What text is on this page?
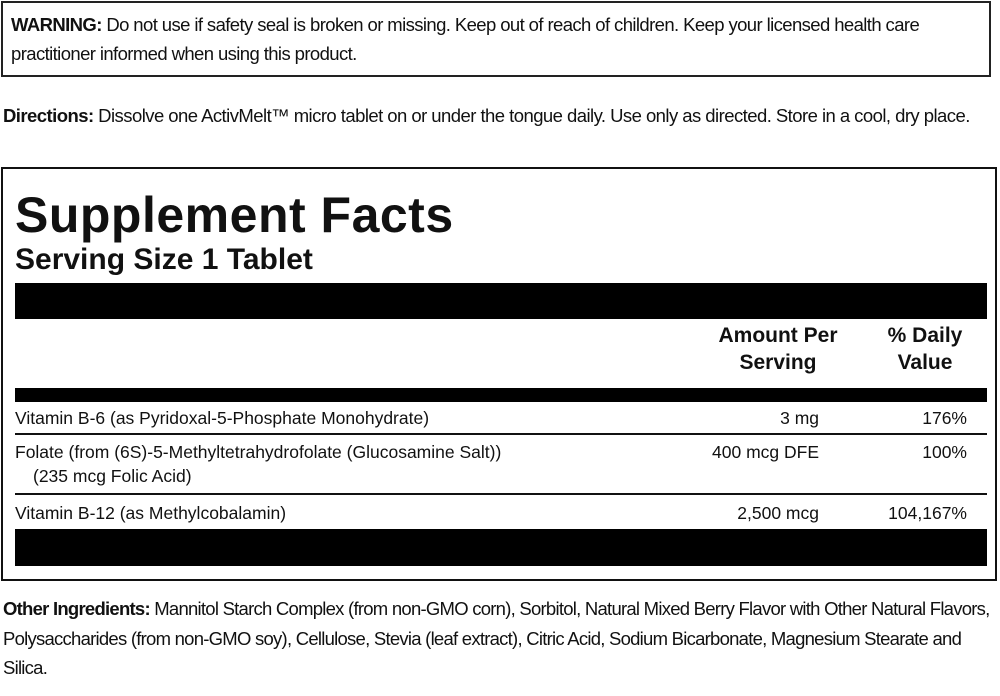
WARNING: Do not use if safety seal is broken or missing. Keep out of reach of children. Keep your licensed health care practitioner informed when using this product.
Directions: Dissolve one ActivMelt™ micro tablet on or under the tongue daily. Use only as directed. Store in a cool, dry place.
Supplement Facts
Serving Size 1 Tablet
Amount Per Serving
% Daily Value
Vitamin B-6 (as Pyridoxal-5-Phosphate Monohydrate)	3 mg	176%
Folate (from (6S)-5-Methyltetrahydrofolate (Glucosamine Salt))	400 mcg DFE	100%
(235 mcg Folic Acid)
Vitamin B-12 (as Methylcobalamin)	2,500 mcg	104,167%
Other Ingredients: Mannitol Starch Complex (from non-GMO corn), Sorbitol, Natural Mixed Berry Flavor with Other Natural Flavors, Polysaccharides (from non-GMO soy), Cellulose, Stevia (leaf extract), Citric Acid, Sodium Bicarbonate, Magnesium Stearate and Silica.
